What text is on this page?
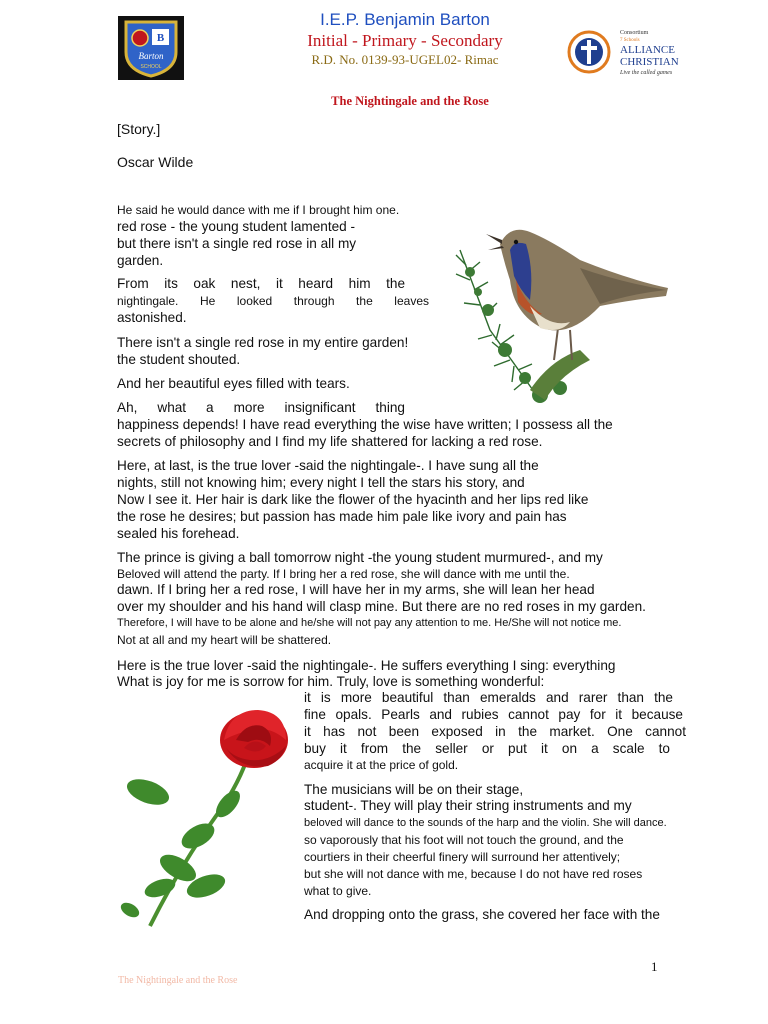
B
Barton
SCHOOL
I.E.P. Benjamin Barton
Initial - Primary - Secondary
R.D. No. 0139-93-UGEL02- Rimac
Consortium
7 Schools
ALLIANCE
CHRISTIAN
Live the called games
The Nightingale and the Rose
[Story.]
Oscar Wilde
He said he would dance with me if I brought him one.
red rose - the young student lamented -
but there isn't a single red rose in all my
garden.
From its oak nest, it heard him the
nightingale. He looked through the leaves
astonished.
There isn't a single red rose in my entire garden!
the student shouted.
And her beautiful eyes filled with tears.
Ah, what a more insignificant thing
happiness depends! I have read everything the wise have written; I possess all the
secrets of philosophy and I find my life shattered for lacking a red rose.
Here, at last, is the true lover -said the nightingale-. I have sung all the
nights, still not knowing him; every night I tell the stars his story, and
Now I see it. Her hair is dark like the flower of the hyacinth and her lips red like
the rose he desires; but passion has made him pale like ivory and pain has
sealed his forehead.
The prince is giving a ball tomorrow night -the young student murmured-, and my
Beloved will attend the party. If I bring her a red rose, she will dance with me until the.
dawn. If I bring her a red rose, I will have her in my arms, she will lean her head
over my shoulder and his hand will clasp mine. But there are no red roses in my garden.
Therefore, I will have to be alone and he/she will not pay any attention to me. He/She will not notice me.
Not at all and my heart will be shattered.
Here is the true lover -said the nightingale-. He suffers everything I sing: everything
What is joy for me is sorrow for him. Truly, love is something wonderful:
it is more beautiful than emeralds and rarer than the
fine opals. Pearls and rubies cannot pay for it because
it has not been exposed in the market. One cannot
buy it from the seller or put it on a scale to
acquire it at the price of gold.
The musicians will be on their stage,
student-. They will play their string instruments and my
beloved will dance to the sounds of the harp and the violin. She will dance.
so vaporously that his foot will not touch the ground, and the
courtiers in their cheerful finery will surround her attentively;
but she will not dance with me, because I do not have red roses
what to give.
And dropping onto the grass, she covered her face with the
1
The Nightingale and the Rose
